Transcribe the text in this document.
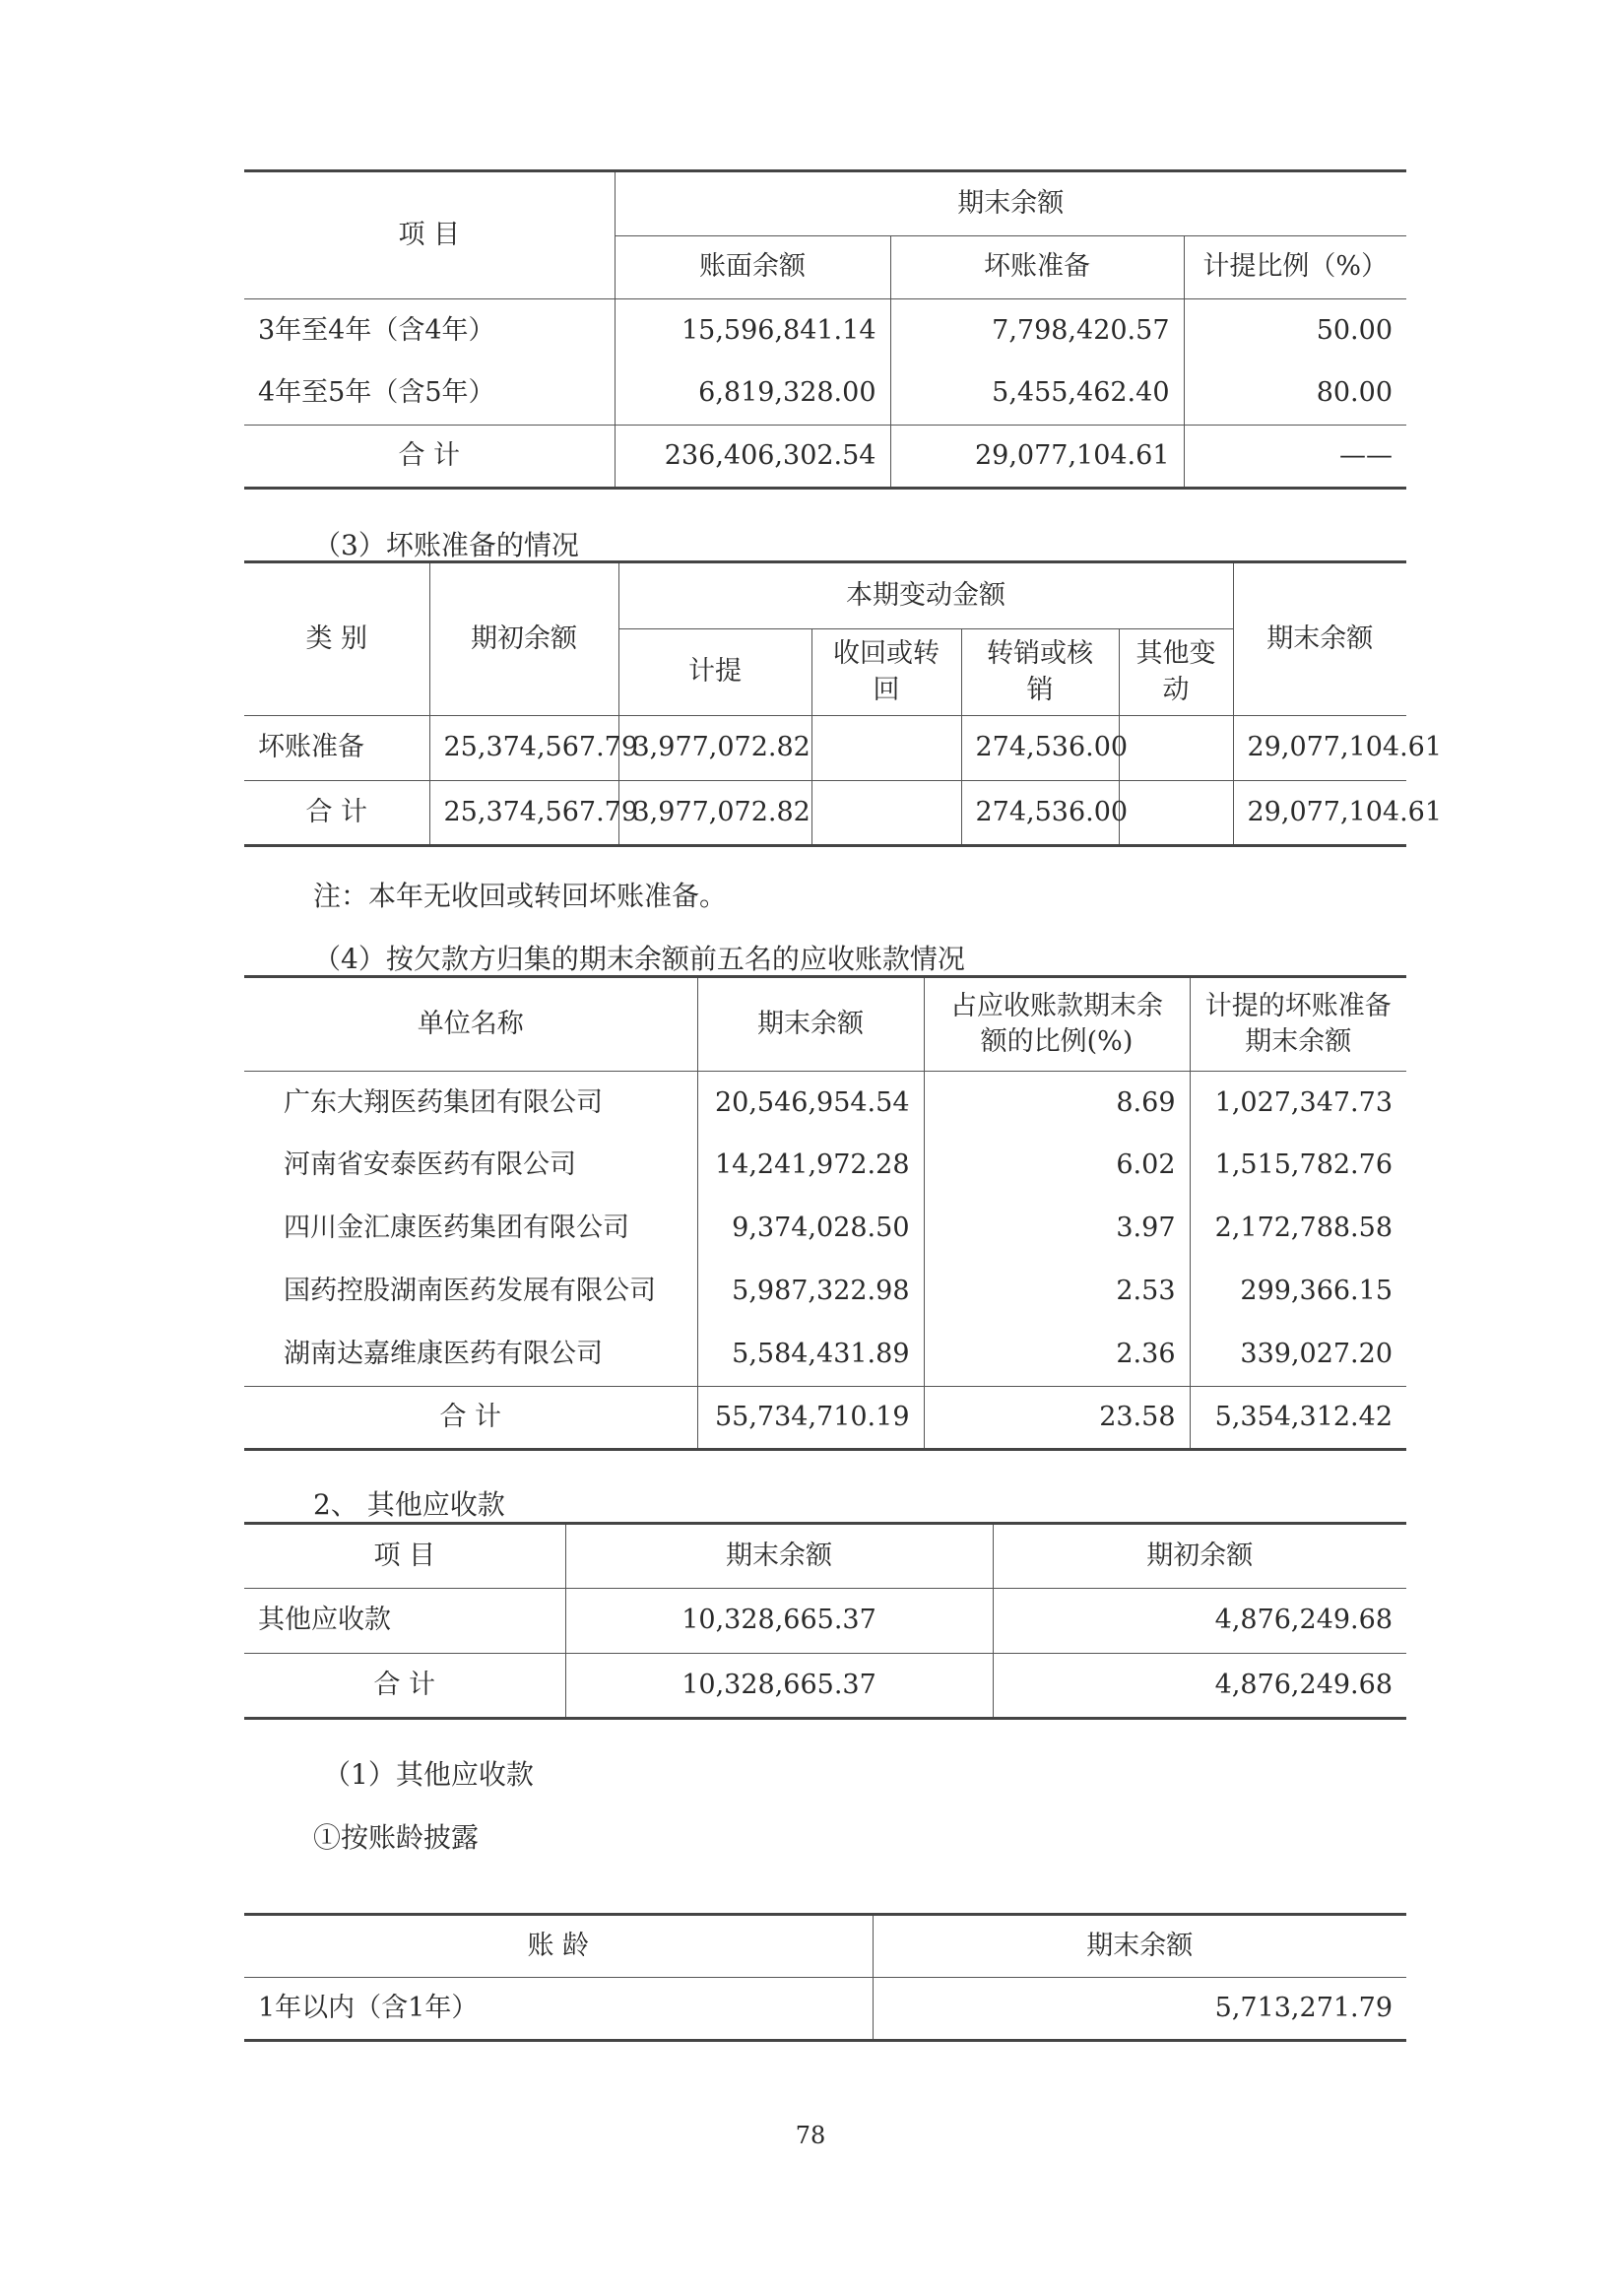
项 目	期末余额		
	账面余额	坏账准备	计提比例（%）
3年至4年（含4年）	15,596,841.14	7,798,420.57	50.00
4年至5年（含5年）	6,819,328.00	5,455,462.40	80.00
合 计	236,406,302.54	29,077,104.61	——
（3）坏账准备的情况
类 别	期初余额	本期变动金额				期末余额
		计提	收回或转回	转销或核销	其他变动	
坏账准备	25,374,567.79	3,977,072.82		274,536.00		29,077,104.61
合 计	25,374,567.79	3,977,072.82		274,536.00		29,077,104.61
注：本年无收回或转回坏账准备。
（4）按欠款方归集的期末余额前五名的应收账款情况
单位名称	期末余额	占应收账款期末余额的比例(%)	计提的坏账准备期末余额
广东大翔医药集团有限公司	20,546,954.54	8.69	1,027,347.73
河南省安泰医药有限公司	14,241,972.28	6.02	1,515,782.76
四川金汇康医药集团有限公司	9,374,028.50	3.97	2,172,788.58
国药控股湖南医药发展有限公司	5,987,322.98	2.53	299,366.15
湖南达嘉维康医药有限公司	5,584,431.89	2.36	339,027.20
合 计	55,734,710.19	23.58	5,354,312.42
2、 其他应收款
项 目	期末余额	期初余额
其他应收款	10,328,665.37	4,876,249.68
合 计	10,328,665.37	4,876,249.68
（1）其他应收款
①按账龄披露
账 龄	期末余额
1年以内（含1年）	5,713,271.79
78
